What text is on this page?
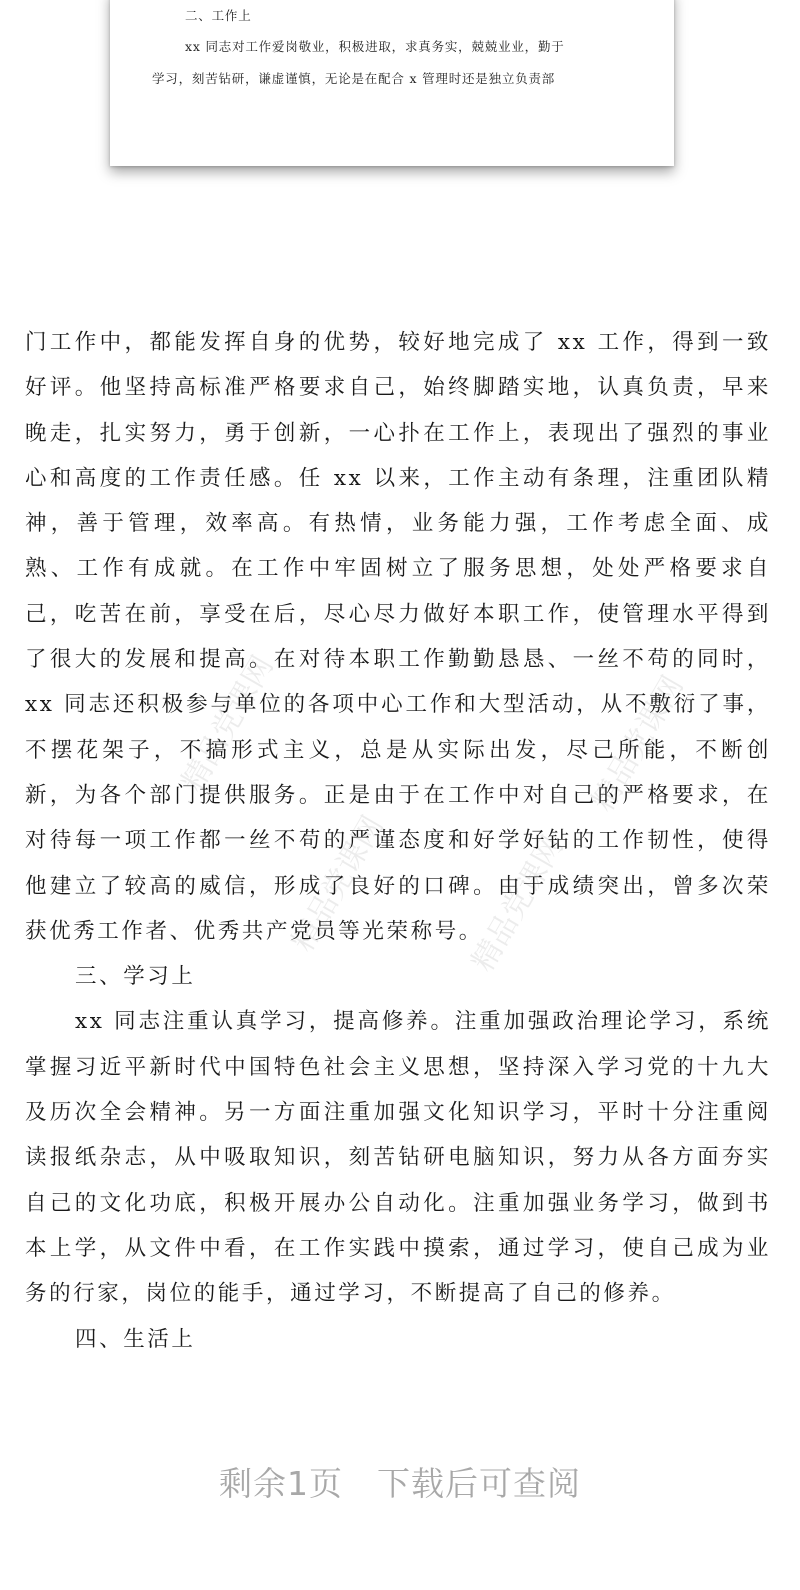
二、工作上
xx 同志对工作爱岗敬业，积极进取，求真务实，兢兢业业，勤于
学习，刻苦钻研，谦虚谨慎，无论是在配合 x 管理时还是独立负责部
精品党课网	精品党课网
精品党课网 精品党课网

门工作中，都能发挥自身的优势，较好地完成了 xx 工作，得到一致好评。他坚持高标准严格要求自己，始终脚踏实地，认真负责，早来晚走，扎实努力，勇于创新，一心扑在工作上，表现出了强烈的事业心和高度的工作责任感。任 xx 以来，工作主动有条理，注重团队精神，善于管理，效率高。有热情，业务能力强，工作考虑全面、成熟、工作有成就。在工作中牢固树立了服务思想，处处严格要求自己，吃苦在前，享受在后，尽心尽力做好本职工作，使管理水平得到了很大的发展和提高。在对待本职工作勤勤恳恳、一丝不苟的同时，xx 同志还积极参与单位的各项中心工作和大型活动，从不敷衍了事，不摆花架子，不搞形式主义，总是从实际出发，尽己所能，不断创新，为各个部门提供服务。正是由于在工作中对自己的严格要求，在对待每一项工作都一丝不苟的严谨态度和好学好钻的工作韧性，使得他建立了较高的威信，形成了良好的口碑。由于成绩突出，曾多次荣获优秀工作者、优秀共产党员等光荣称号。

三、学习上

xx 同志注重认真学习，提高修养。注重加强政治理论学习，系统掌握习近平新时代中国特色社会主义思想，坚持深入学习党的十九大及历次全会精神。另一方面注重加强文化知识学习，平时十分注重阅读报纸杂志，从中吸取知识，刻苦钻研电脑知识，努力从各方面夯实自己的文化功底，积极开展办公自动化。注重加强业务学习，做到书本上学，从文件中看，在工作实践中摸索，通过学习，使自己成为业务的行家，岗位的能手，通过学习，不断提高了自己的修养。

四、生活上

剩余1页 下载后可查阅
